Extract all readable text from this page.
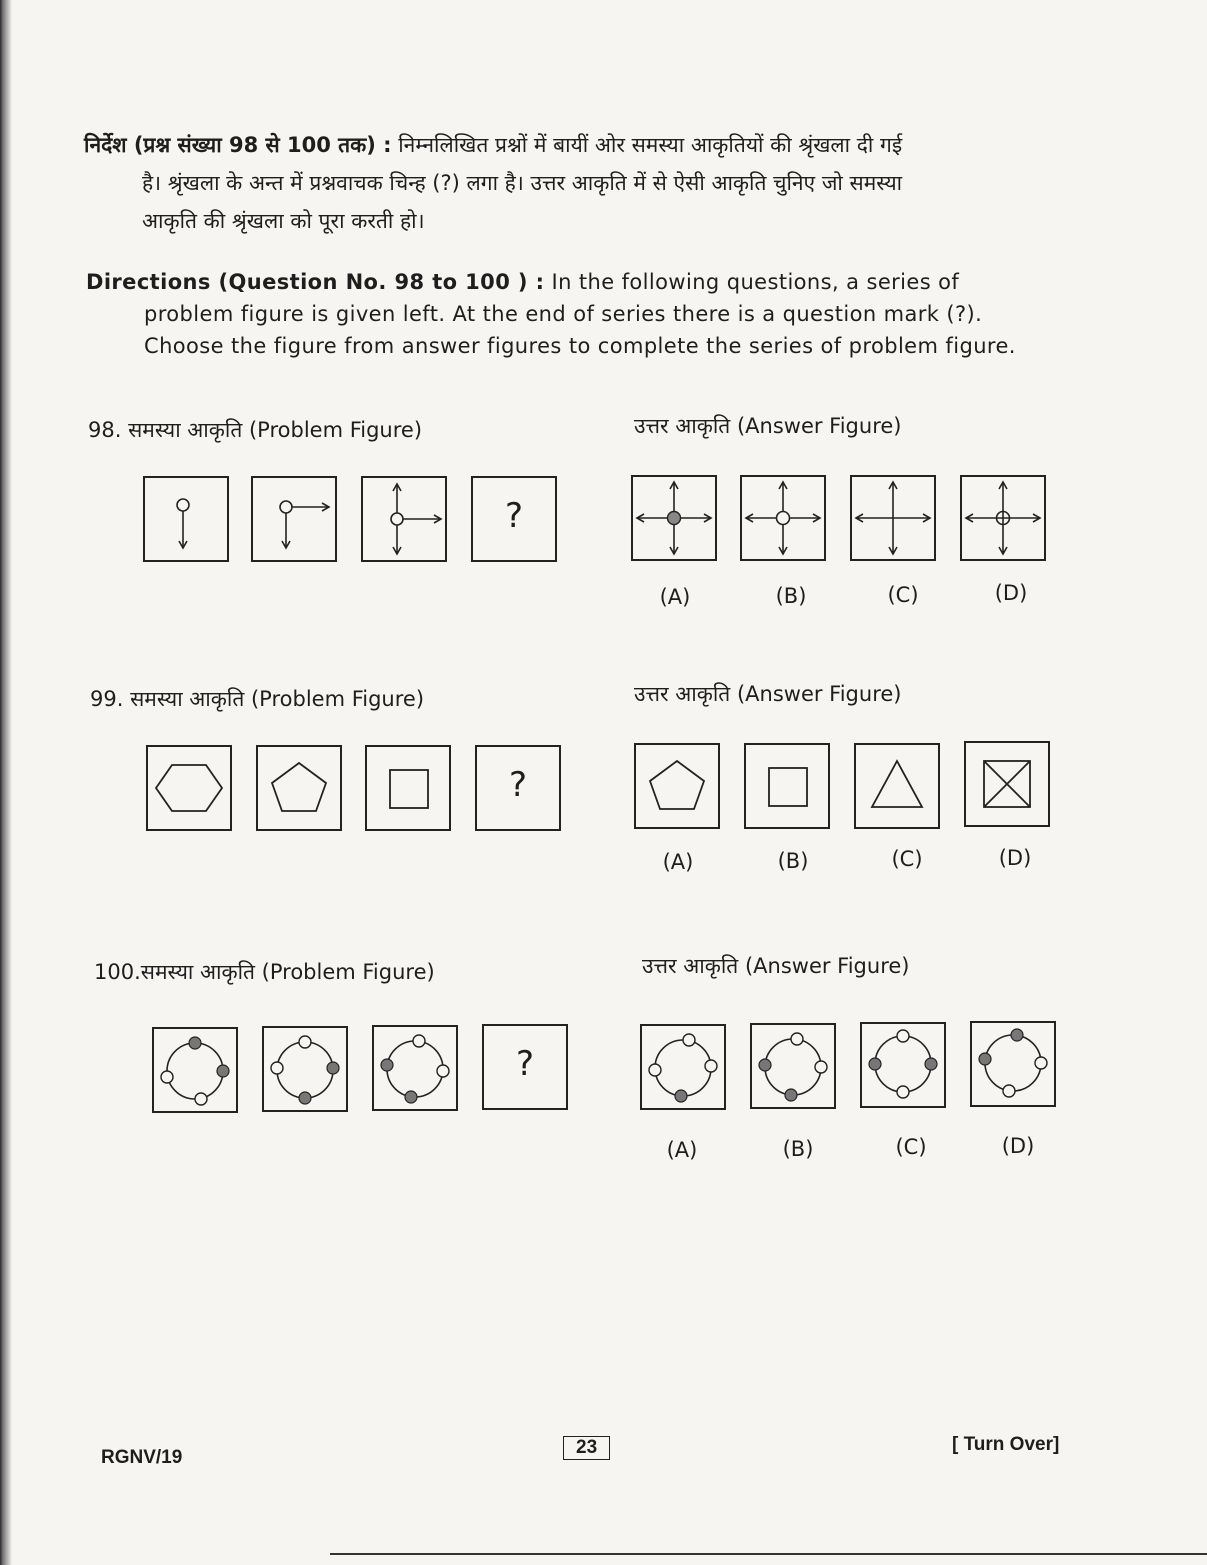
निर्देश (प्रश्न संख्या 98 से 100 तक) : निम्नलिखित प्रश्नों में बायीं ओर समस्या आकृतियों की श्रृंखला दी गई
है। श्रृंखला के अन्त में प्रश्नवाचक चिन्ह (?) लगा है। उत्तर आकृति में से ऐसी आकृति चुनिए जो समस्या
आकृति की श्रृंखला को पूरा करती हो।
Directions (Question No. 98 to 100 ) : In the following questions, a series of
problem figure is given left. At the end of series there is a question mark (?).
Choose the figure from answer figures to complete the series of problem figure.
98. समस्या आकृति (Problem Figure)	उत्तर आकृति (Answer Figure)
?
(A)	(B)	(C)	(D)
99. समस्या आकृति (Problem Figure)	उत्तर आकृति (Answer Figure)
?
(A)	(B)	(C)	(D)
100.समस्या आकृति (Problem Figure)	उत्तर आकृति (Answer Figure)
?
(A)	(B)	(C)	(D)
RGNV/19	23	[ Turn Over]
